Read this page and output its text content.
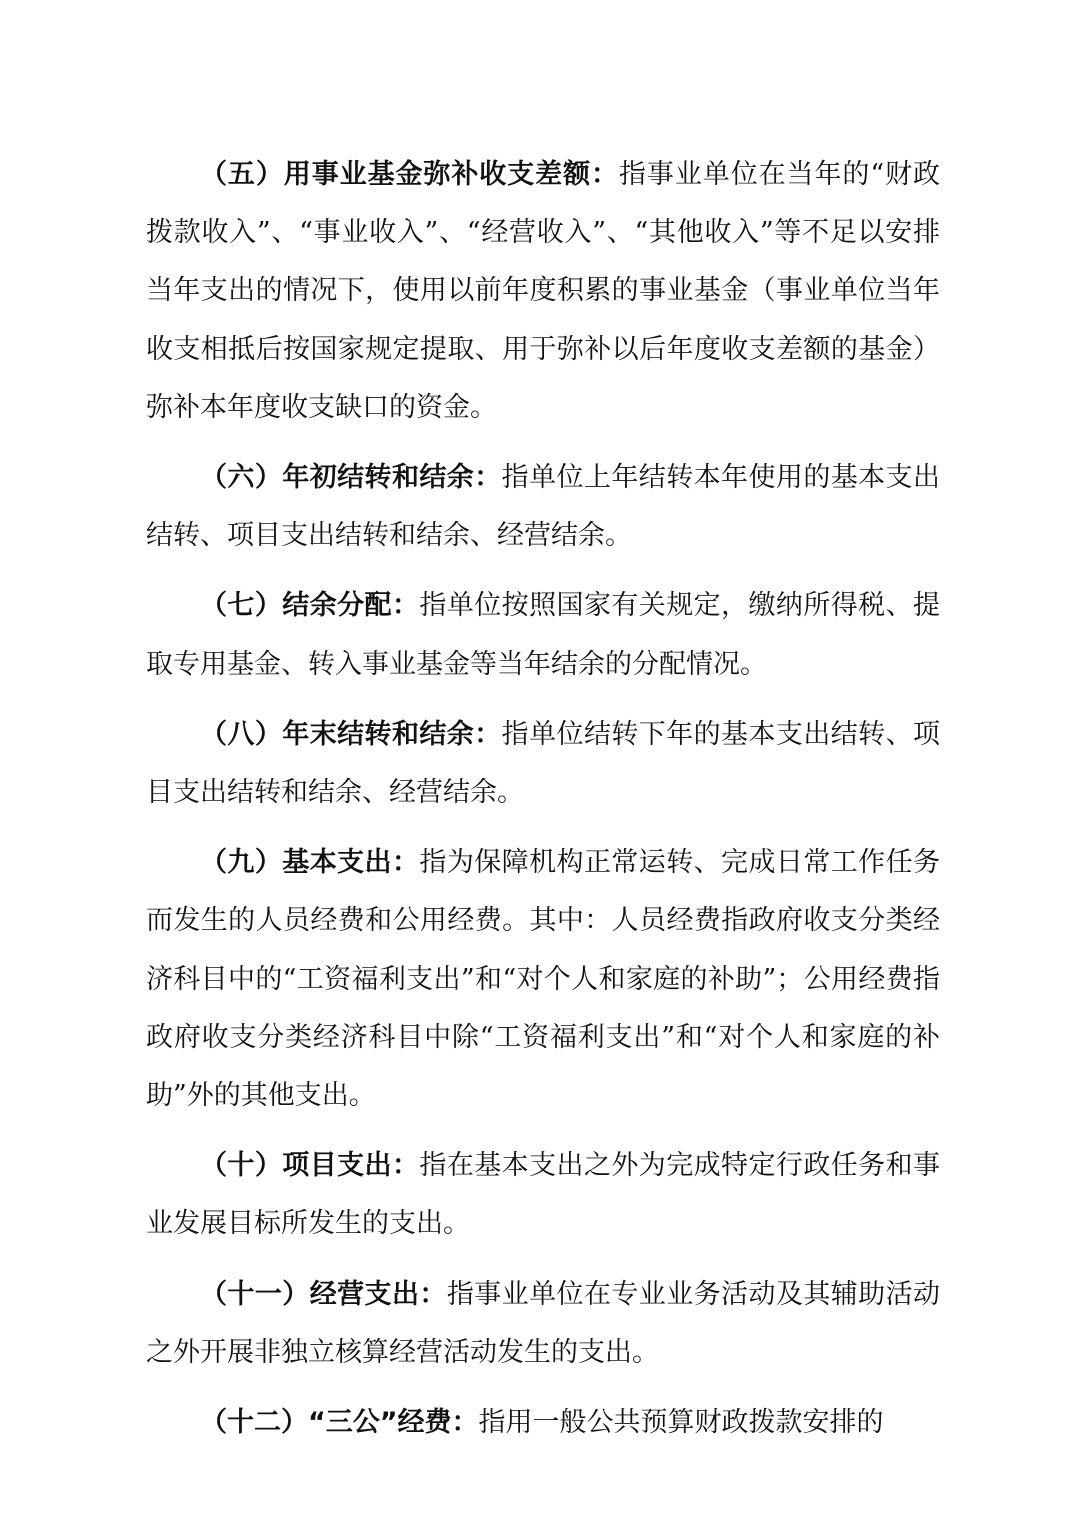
（五）用事业基金弥补收支差额：指事业单位在当年的“财政拨款收入”、“事业收入”、“经营收入”、“其他收入”等不足以安排当年支出的情况下，使用以前年度积累的事业基金（事业单位当年收支相抵后按国家规定提取、用于弥补以后年度收支差额的基金）弥补本年度收支缺口的资金。

（六）年初结转和结余：指单位上年结转本年使用的基本支出结转、项目支出结转和结余、经营结余。

（七）结余分配：指单位按照国家有关规定，缴纳所得税、提取专用基金、转入事业基金等当年结余的分配情况。

（八）年末结转和结余：指单位结转下年的基本支出结转、项目支出结转和结余、经营结余。

（九）基本支出：指为保障机构正常运转、完成日常工作任务而发生的人员经费和公用经费。其中：人员经费指政府收支分类经济科目中的“工资福利支出”和“对个人和家庭的补助”；公用经费指政府收支分类经济科目中除“工资福利支出”和“对个人和家庭的补助”外的其他支出。

（十）项目支出：指在基本支出之外为完成特定行政任务和事业发展目标所发生的支出。

（十一）经营支出：指事业单位在专业业务活动及其辅助活动之外开展非独立核算经营活动发生的支出。

（十二）“三公”经费：指用一般公共预算财政拨款安排的
